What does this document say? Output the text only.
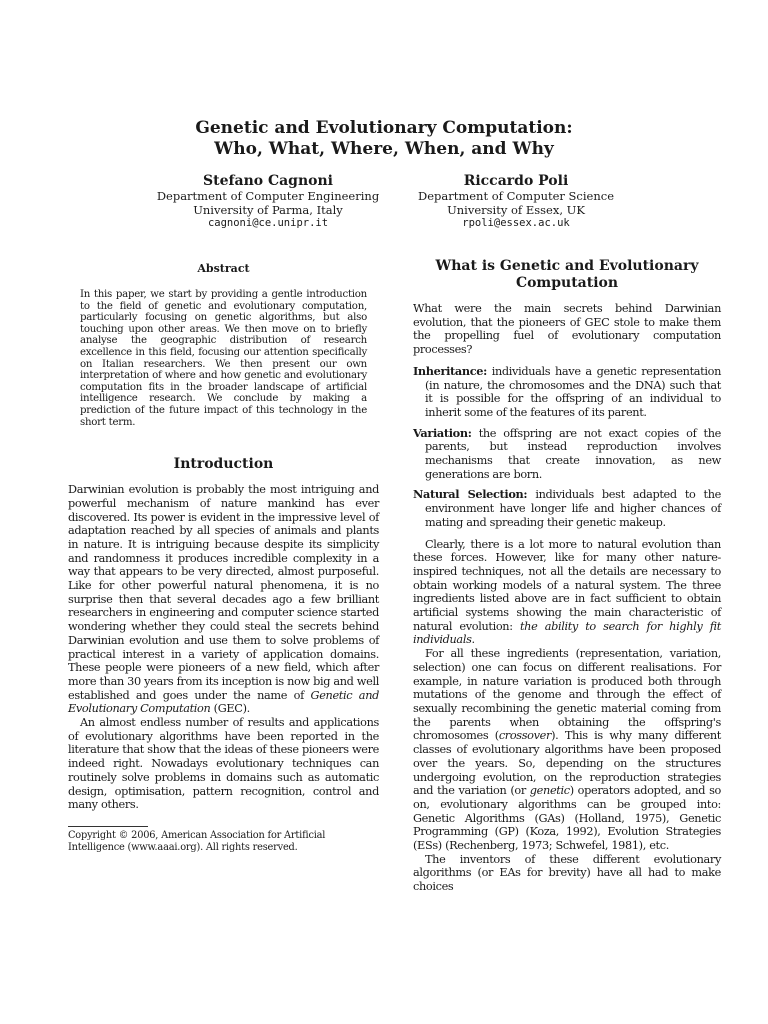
Genetic and Evolutionary Computation:
Who, What, Where, When, and Why
Stefano Cagnoni
Department of Computer Engineering
University of Parma, Italy
cagnoni@ce.unipr.it
Riccardo Poli
Department of Computer Science
University of Essex, UK
rpoli@essex.ac.uk
Abstract

In this paper, we start by providing a gentle introduction to the field of genetic and evolutionary computation, particularly focusing on genetic algorithms, but also touching upon other areas. We then move on to briefly analyse the geographic distribution of research excellence in this field, focusing our attention specifically on Italian researchers. We then present our own interpretation of where and how genetic and evolutionary computation fits in the broader landscape of artificial intelligence research. We conclude by making a prediction of the future impact of this technology in the short term.

Introduction

Darwinian evolution is probably the most intriguing and powerful mechanism of nature mankind has ever discovered. Its power is evident in the impressive level of adaptation reached by all species of animals and plants in nature. It is intriguing because despite its simplicity and randomness it produces incredible complexity in a way that appears to be very directed, almost purposeful. Like for other powerful natural phenomena, it is no surprise then that several decades ago a few brilliant researchers in engineering and computer science started wondering whether they could steal the secrets behind Darwinian evolution and use them to solve problems of practical interest in a variety of application domains. These people were pioneers of a new field, which after more than 30 years from its inception is now big and well established and goes under the name of Genetic and Evolutionary Computation (GEC).

An almost endless number of results and applications of evolutionary algorithms have been reported in the literature that show that the ideas of these pioneers were indeed right. Nowadays evolutionary techniques can routinely solve problems in domains such as automatic design, optimisation, pattern recognition, control and many others.

Copyright © 2006, American Association for Artificial Intelligence (www.aaai.org). All rights reserved.
What is Genetic and Evolutionary
Computation

What were the main secrets behind Darwinian evolution, that the pioneers of GEC stole to make them the propelling fuel of evolutionary computation processes?

Inheritance: individuals have a genetic representation (in nature, the chromosomes and the DNA) such that it is possible for the offspring of an individual to inherit some of the features of its parent.
Variation: the offspring are not exact copies of the parents, but instead reproduction involves mechanisms that create innovation, as new generations are born.
Natural Selection: individuals best adapted to the environment have longer life and higher chances of mating and spreading their genetic makeup.

Clearly, there is a lot more to natural evolution than these forces. However, like for many other nature-inspired techniques, not all the details are necessary to obtain working models of a natural system. The three ingredients listed above are in fact sufficient to obtain artificial systems showing the main characteristic of natural evolution: the ability to search for highly fit individuals.

For all these ingredients (representation, variation, selection) one can focus on different realisations. For example, in nature variation is produced both through mutations of the genome and through the effect of sexually recombining the genetic material coming from the parents when obtaining the offspring's chromosomes (crossover). This is why many different classes of evolutionary algorithms have been proposed over the years. So, depending on the structures undergoing evolution, on the reproduction strategies and the variation (or genetic) operators adopted, and so on, evolutionary algorithms can be grouped into: Genetic Algorithms (GAs) (Holland, 1975), Genetic Programming (GP) (Koza, 1992), Evolution Strategies (ESs) (Rechenberg, 1973; Schwefel, 1981), etc.

The inventors of these different evolutionary algorithms (or EAs for brevity) have all had to make choices
